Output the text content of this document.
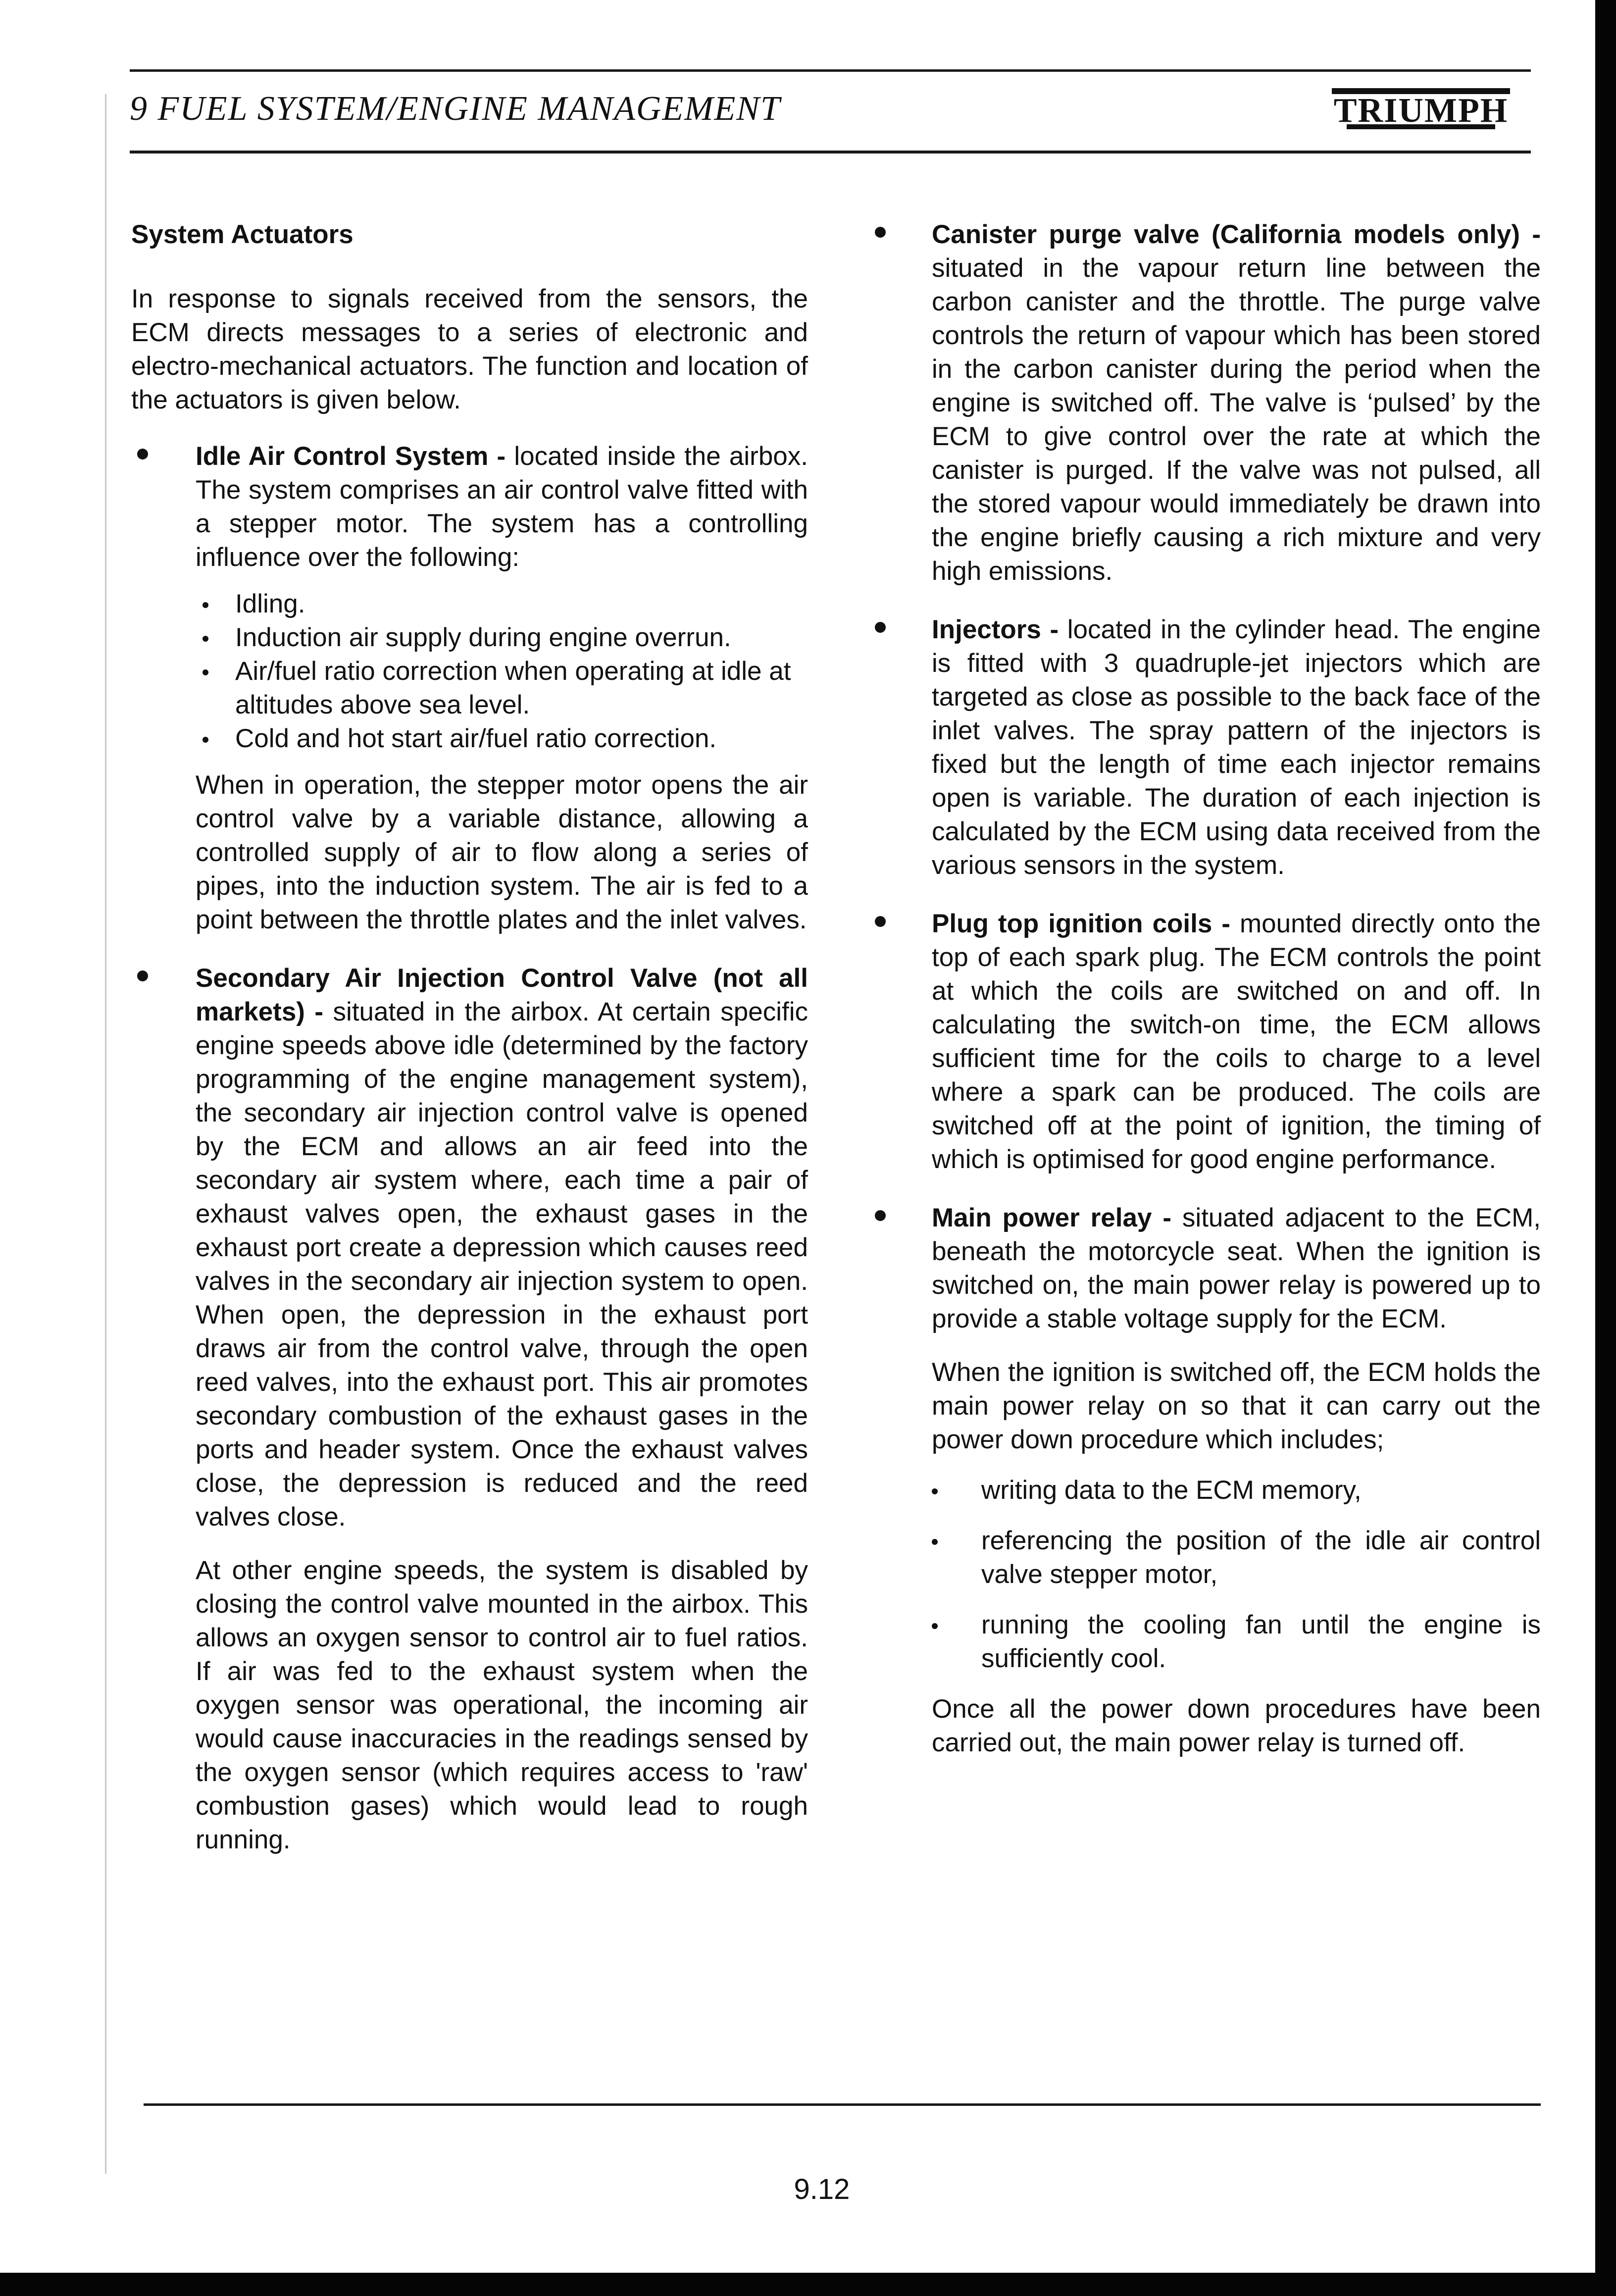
9 FUEL SYSTEM/ENGINE MANAGEMENT	TRIUMPH
System Actuators

In response to signals received from the sensors, the ECM directs messages to a series of electronic and electro-mechanical actuators. The function and location of the actuators is given below.

Idle Air Control System - located inside the airbox. The system comprises an air control valve fitted with a stepper motor. The system has a controlling influence over the following:

Idling.
Induction air supply during engine overrun.
Air/fuel ratio correction when operating at idle at altitudes above sea level.
Cold and hot start air/fuel ratio correction.

When in operation, the stepper motor opens the air control valve by a variable distance, allowing a controlled supply of air to flow along a series of pipes, into the induction system. The air is fed to a point between the throttle plates and the inlet valves.

Secondary Air Injection Control Valve (not all markets) - situated in the airbox. At certain specific engine speeds above idle (determined by the factory programming of the engine management system), the secondary air injection control valve is opened by the ECM and allows an air feed into the secondary air system where, each time a pair of exhaust valves open, the exhaust gases in the exhaust port create a depression which causes reed valves in the secondary air injection system to open. When open, the depression in the exhaust port draws air from the control valve, through the open reed valves, into the exhaust port. This air promotes secondary combustion of the exhaust gases in the ports and header system. Once the exhaust valves close, the depression is reduced and the reed valves close.

At other engine speeds, the system is disabled by closing the control valve mounted in the airbox. This allows an oxygen sensor to control air to fuel ratios. If air was fed to the exhaust system when the oxygen sensor was operational, the incoming air would cause inaccuracies in the readings sensed by the oxygen sensor (which requires access to 'raw' combustion gases) which would lead to rough running.

Canister purge valve (California models only) - situated in the vapour return line between the carbon canister and the throttle. The purge valve controls the return of vapour which has been stored in the carbon canister during the period when the engine is switched off. The valve is ‘pulsed’ by the ECM to give control over the rate at which the canister is purged. If the valve was not pulsed, all the stored vapour would immediately be drawn into the engine briefly causing a rich mixture and very high emissions.

Injectors - located in the cylinder head. The engine is fitted with 3 quadruple-jet injectors which are targeted as close as possible to the back face of the inlet valves. The spray pattern of the injectors is fixed but the length of time each injector remains open is variable. The duration of each injection is calculated by the ECM using data received from the various sensors in the system.

Plug top ignition coils - mounted directly onto the top of each spark plug. The ECM controls the point at which the coils are switched on and off. In calculating the switch-on time, the ECM allows sufficient time for the coils to charge to a level where a spark can be produced. The coils are switched off at the point of ignition, the timing of which is optimised for good engine performance.

Main power relay - situated adjacent to the ECM, beneath the motorcycle seat. When the ignition is switched on, the main power relay is powered up to provide a stable voltage supply for the ECM.

When the ignition is switched off, the ECM holds the main power relay on so that it can carry out the power down procedure which includes;

writing data to the ECM memory,
referencing the position of the idle air control valve stepper motor,
running the cooling fan until the engine is sufficiently cool.

Once all the power down procedures have been carried out, the main power relay is turned off.

9.12
